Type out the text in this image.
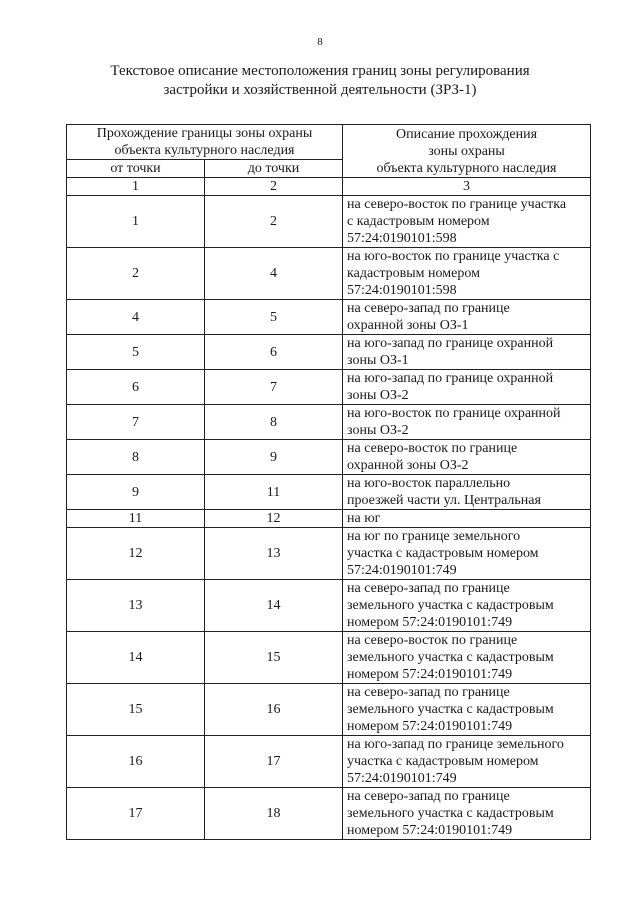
8
Текстовое описание местоположения границ зоны регулирования
застройки и хозяйственной деятельности (ЗРЗ-1)
Прохождение границы зоны охраны
объекта культурного наследия		Описание прохождения
зоны охраны
объекта культурного наследия

от точки	до точки	
1	2	3
1	2	на северо-восток по границе участка
с кадастровым номером
57:24:0190101:598

2	4	на юго-восток по границе участка с
кадастровым номером
57:24:0190101:598

4	5	на северо-запад по границе
охранной зоны ОЗ-1

5	6	на юго-запад по границе охранной
зоны ОЗ-1

6	7	на юго-запад по границе охранной
зоны ОЗ-2

7	8	на юго-восток по границе охранной
зоны ОЗ-2

8	9	на северо-восток по границе
охранной зоны ОЗ-2

9	11	на юго-восток параллельно
проезжей части ул. Центральная

11	12	на юг

12	13	на юг по границе земельного
участка с кадастровым номером
57:24:0190101:749

13	14	на северо-запад по границе
земельного участка с кадастровым
номером 57:24:0190101:749

14	15	на северо-восток по границе
земельного участка с кадастровым
номером 57:24:0190101:749

15	16	на северо-запад по границе
земельного участка с кадастровым
номером 57:24:0190101:749

16	17	на юго-запад по границе земельного
участка с кадастровым номером
57:24:0190101:749

17	18	на северо-запад по границе
земельного участка с кадастровым
номером 57:24:0190101:749
